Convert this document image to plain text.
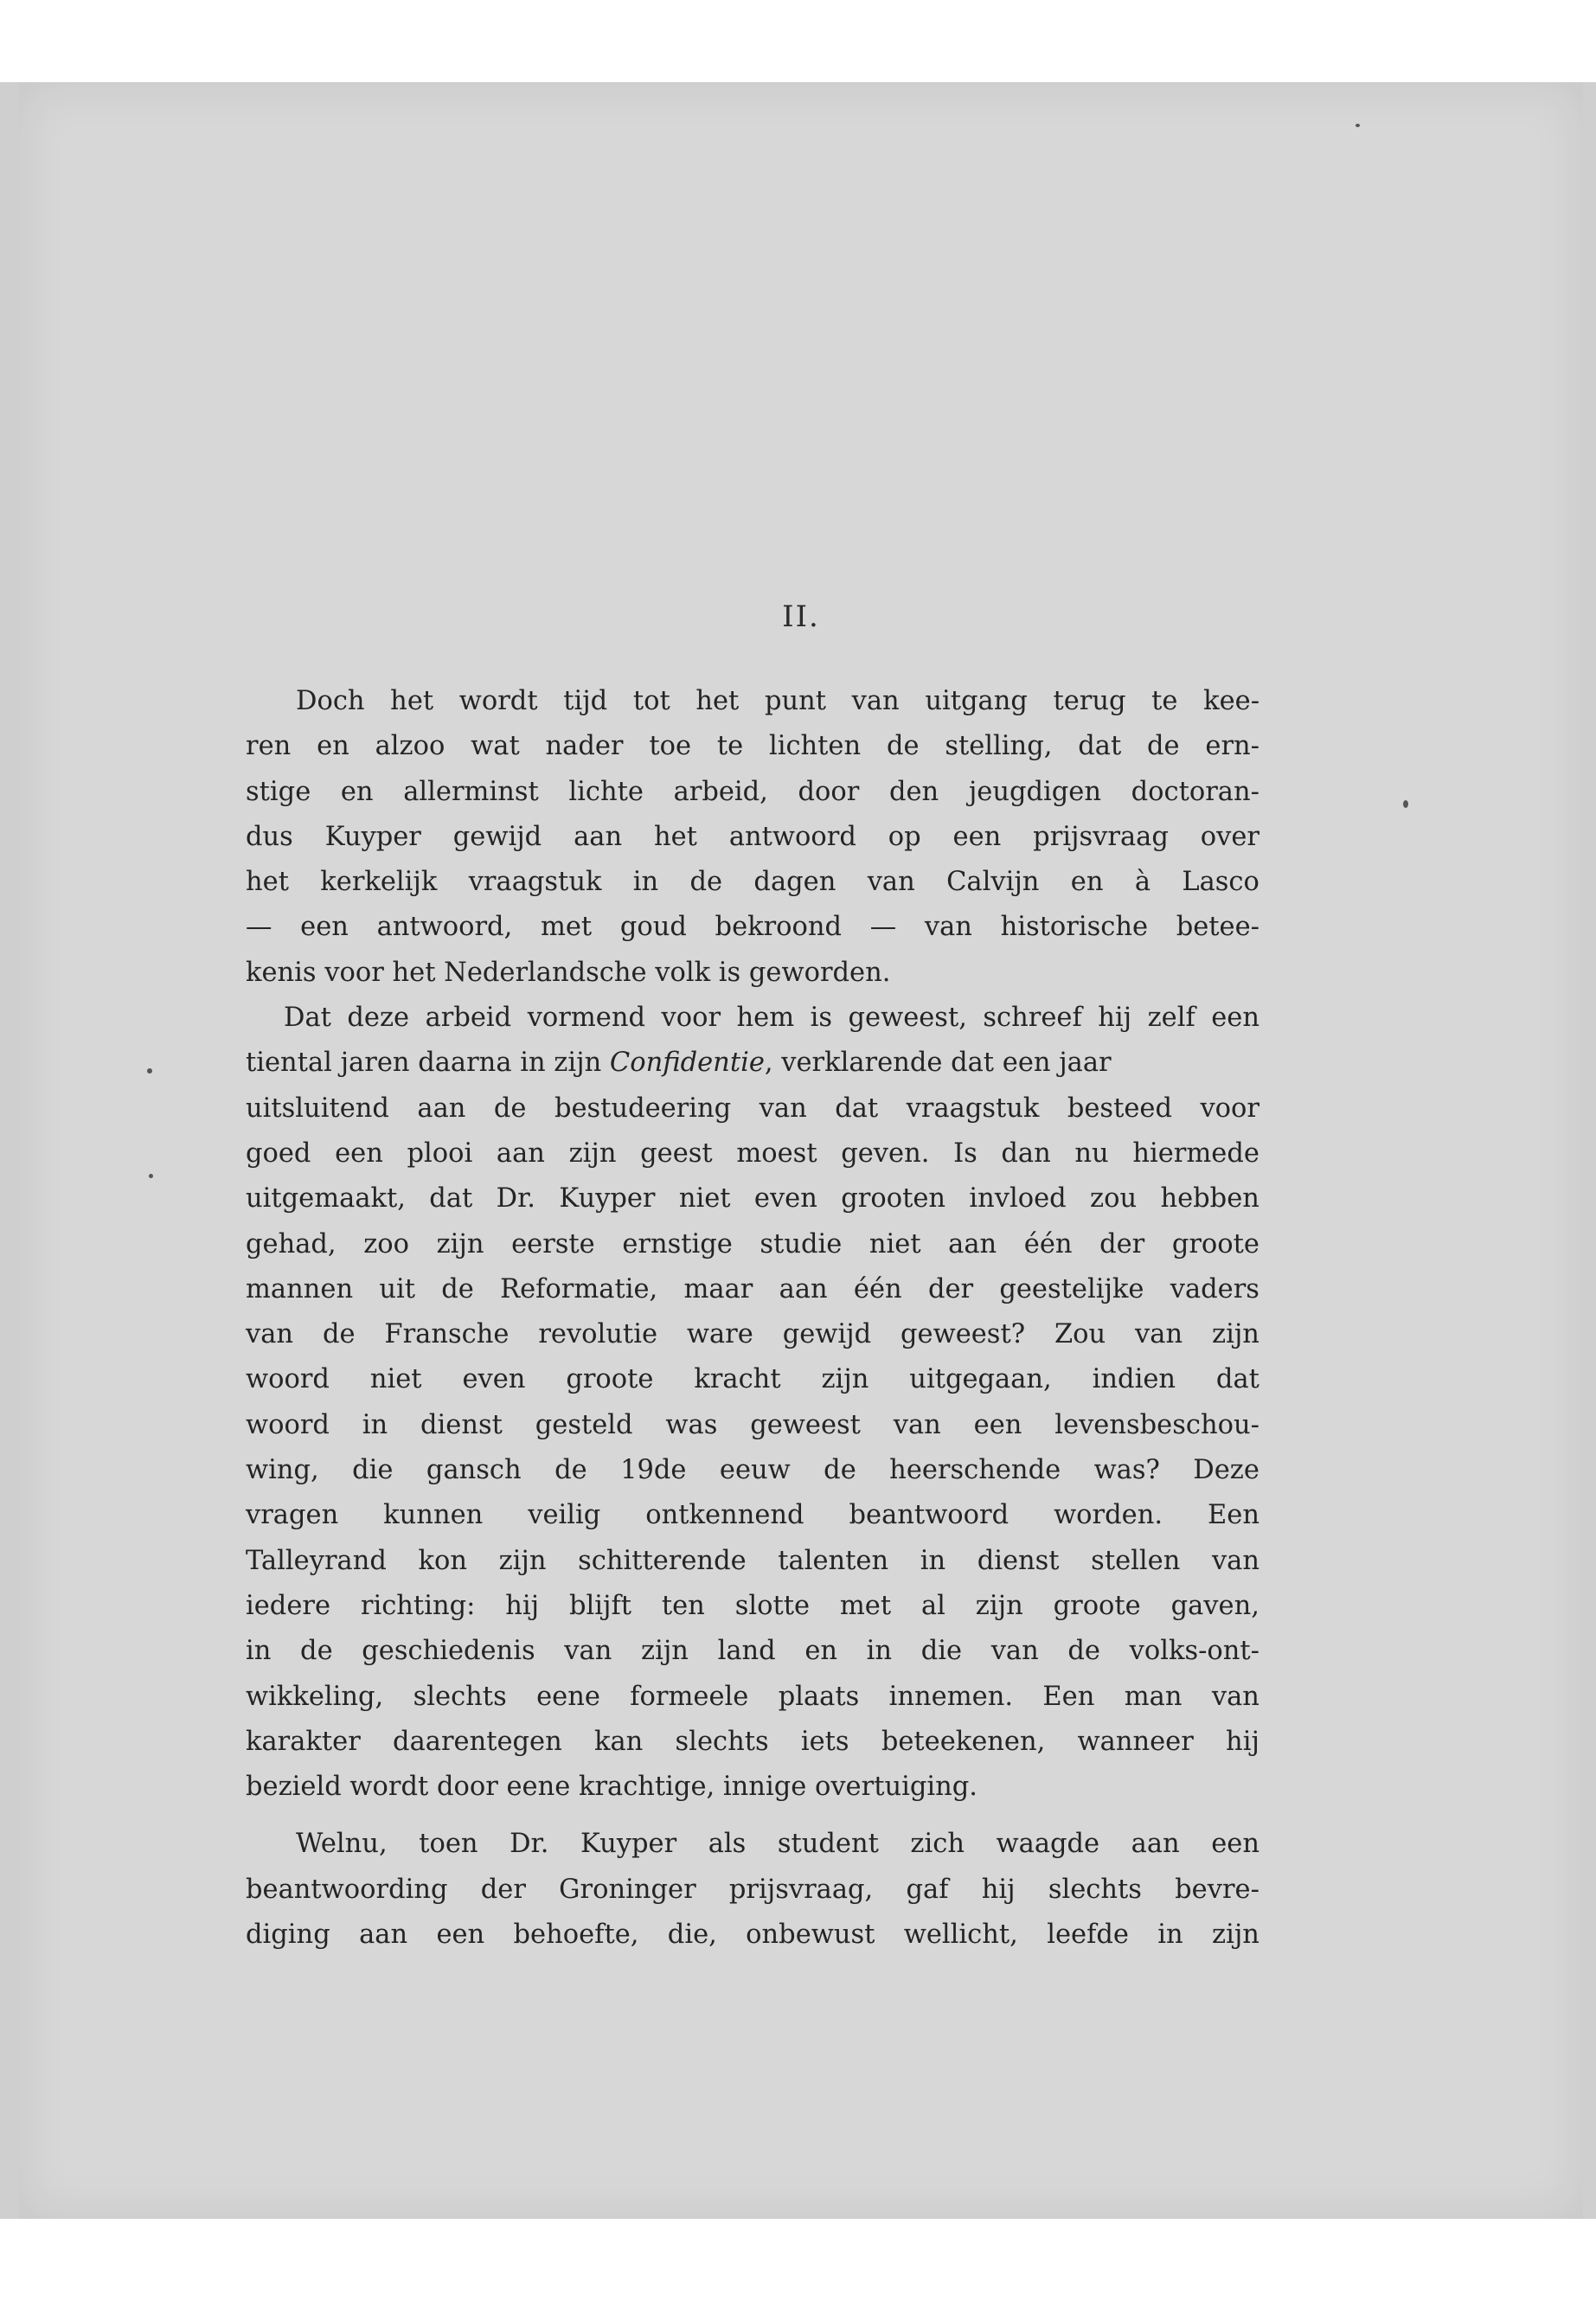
II.
Doch het wordt tijd tot het punt van uitgang terug te kee-
ren en alzoo wat nader toe te lichten de stelling, dat de ern-
stige en allerminst lichte arbeid, door den jeugdigen doctoran-
dus Kuyper gewijd aan het antwoord op een prijsvraag over
het kerkelijk vraagstuk in de dagen van Calvijn en à Lasco
— een antwoord, met goud bekroond — van historische betee-
kenis voor het Nederlandsche volk is geworden.
Dat deze arbeid vormend voor hem is geweest, schreef hij zelf een
tiental jaren daarna in zijn Confidentie, verklarende dat een jaar
uitsluitend aan de bestudeering van dat vraagstuk besteed voor
goed een plooi aan zijn geest moest geven. Is dan nu hiermede
uitgemaakt, dat Dr. Kuyper niet even grooten invloed zou hebben
gehad, zoo zijn eerste ernstige studie niet aan één der groote
mannen uit de Reformatie, maar aan één der geestelijke vaders
van de Fransche revolutie ware gewijd geweest? Zou van zijn
woord niet even groote kracht zijn uitgegaan, indien dat
woord in dienst gesteld was geweest van een levensbeschou-
wing, die gansch de 19de eeuw de heerschende was? Deze
vragen kunnen veilig ontkennend beantwoord worden. Een
Talleyrand kon zijn schitterende talenten in dienst stellen van
iedere richting: hij blijft ten slotte met al zijn groote gaven,
in de geschiedenis van zijn land en in die van de volks-ont-
wikkeling, slechts eene formeele plaats innemen. Een man van
karakter daarentegen kan slechts iets beteekenen, wanneer hij
bezield wordt door eene krachtige, innige overtuiging.
Welnu, toen Dr. Kuyper als student zich waagde aan een
beantwoording der Groninger prijsvraag, gaf hij slechts bevre-
diging aan een behoefte, die, onbewust wellicht, leefde in zijn
